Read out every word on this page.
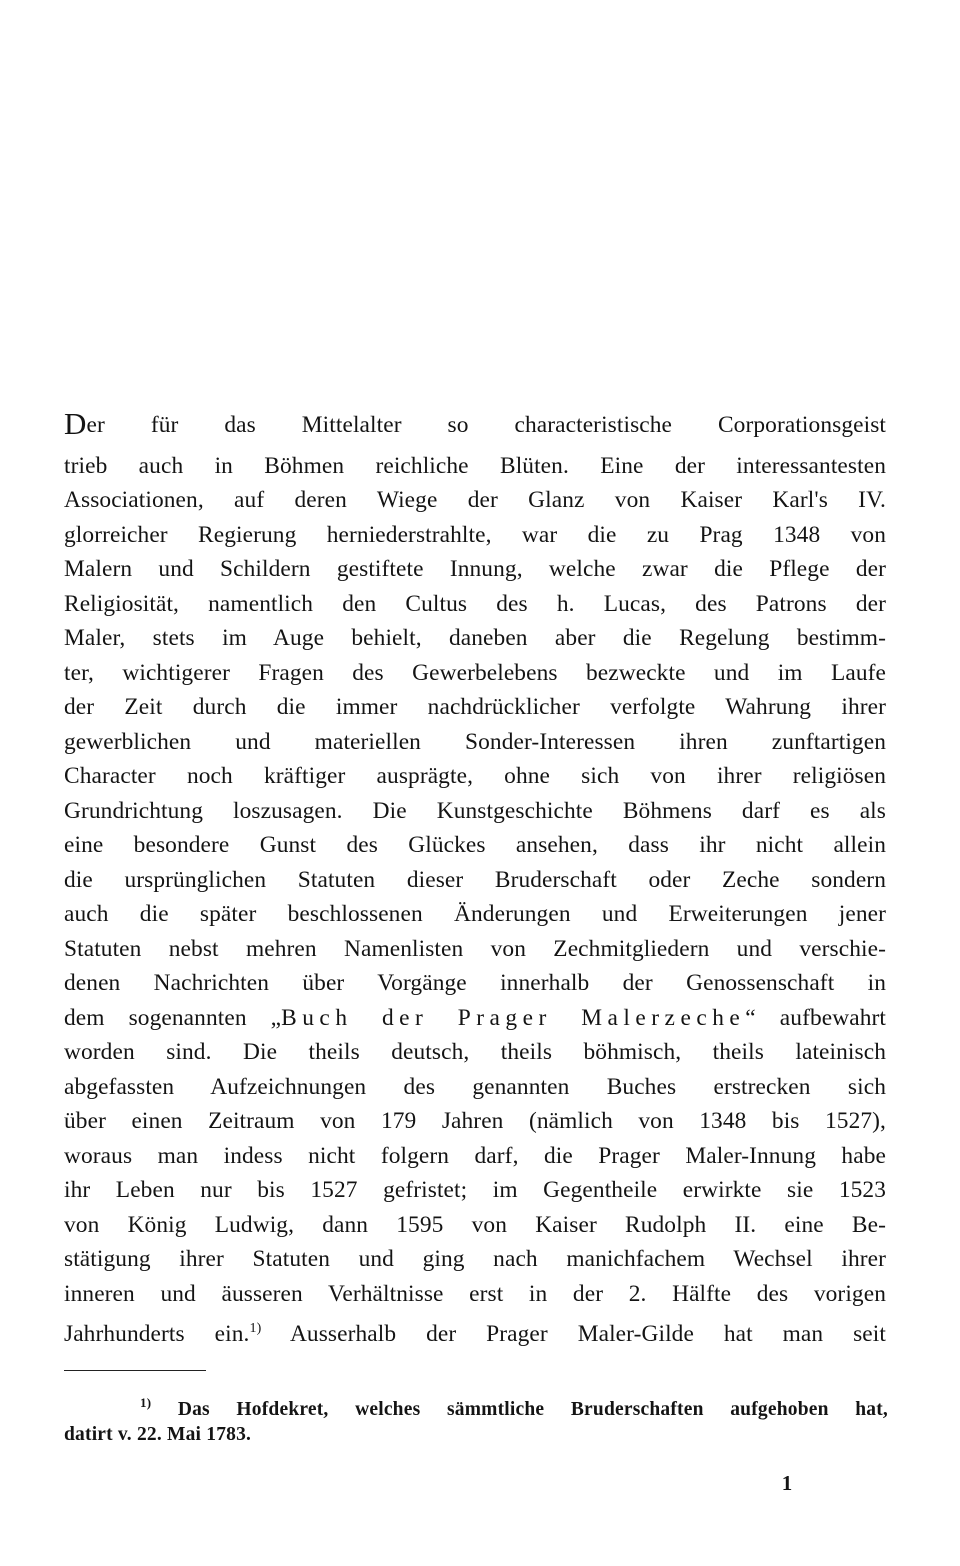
Der für das Mittelalter so characteristische Corporationsgeist
trieb auch in Böhmen reichliche Blüten. Eine der interessantesten
Associationen, auf deren Wiege der Glanz von Kaiser Karl's IV.
glorreicher Regierung herniederstrahlte, war die zu Prag 1348 von
Malern und Schildern gestiftete Innung, welche zwar die Pflege der
Religiosität, namentlich den Cultus des h. Lucas, des Patrons der
Maler, stets im Auge behielt, daneben aber die Regelung bestimm-
ter, wichtigerer Fragen des Gewerbelebens bezweckte und im Laufe
der Zeit durch die immer nachdrücklicher verfolgte Wahrung ihrer
gewerblichen und materiellen Sonder-Interessen ihren zunftartigen
Character noch kräftiger ausprägte, ohne sich von ihrer religiösen
Grundrichtung loszusagen. Die Kunstgeschichte Böhmens darf es als
eine besondere Gunst des Glückes ansehen, dass ihr nicht allein
die ursprünglichen Statuten dieser Bruderschaft oder Zeche sondern
auch die später beschlossenen Änderungen und Erweiterungen jener
Statuten nebst mehren Namenlisten von Zechmitgliedern und verschie-
denen Nachrichten über Vorgänge innerhalb der Genossenschaft in
dem sogenannten „Buch der Prager Malerzeche“ aufbewahrt
worden sind. Die theils deutsch, theils böhmisch, theils lateinisch
abgefassten Aufzeichnungen des genannten Buches erstrecken sich
über einen Zeitraum von 179 Jahren (nämlich von 1348 bis 1527),
woraus man indess nicht folgern darf, die Prager Maler-Innung habe
ihr Leben nur bis 1527 gefristet; im Gegentheile erwirkte sie 1523
von König Ludwig, dann 1595 von Kaiser Rudolph II. eine Be-
stätigung ihrer Statuten und ging nach manichfachem Wechsel ihrer
inneren und äusseren Verhältnisse erst in der 2. Hälfte des vorigen
Jahrhunderts ein.$^{1)}$ Ausserhalb der Prager Maler-Gilde hat man seit
$^{1)}$ Das Hofdekret, welches sämmtliche Bruderschaften aufgehoben hat,
datirt v. 22. Mai 1783.
1
